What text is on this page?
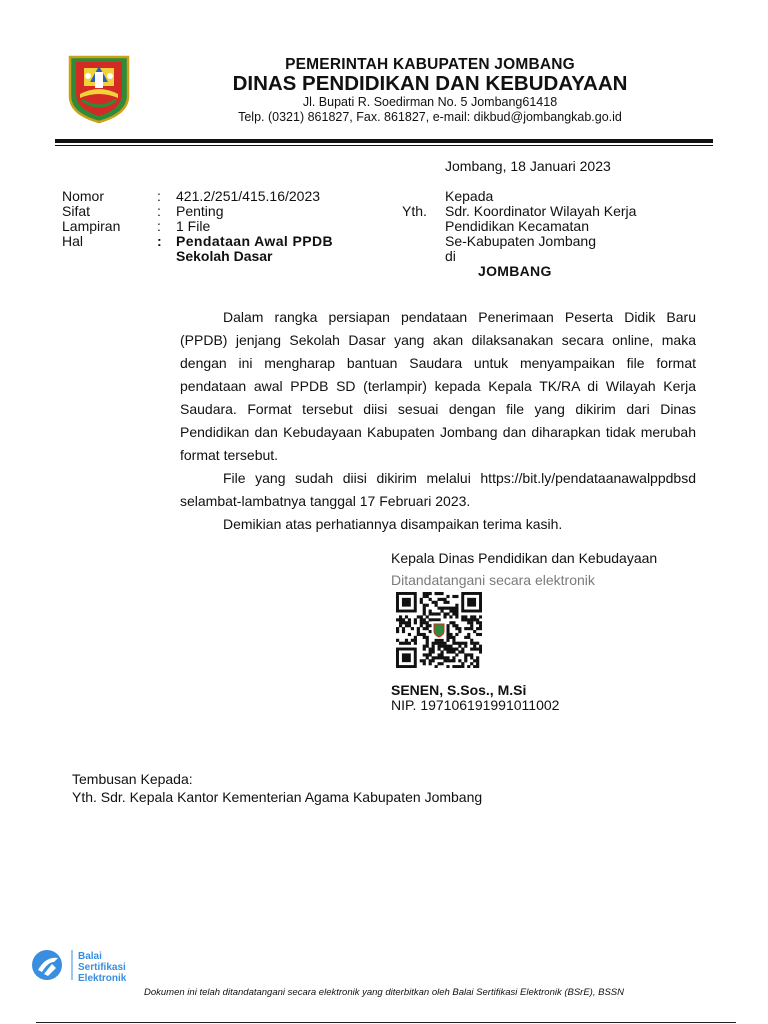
PEMERINTAH KABUPATEN JOMBANG
DINAS PENDIDIKAN DAN KEBUDAYAAN
Jl. Bupati R. Soedirman No. 5 Jombang61418
Telp. (0321) 861827, Fax. 861827, e-mail: dikbud@jombangkab.go.id
Jombang, 18 Januari 2023
Nomor	: 421.2/251/415.16/2023
Sifat	: Penting
Lampiran	: 1 File
Hal	: Pendataan Awal PPDB
Sekolah Dasar
Kepada
Yth. Sdr. Koordinator Wilayah Kerja
Pendidikan Kecamatan
Se-Kabupaten Jombang
di
JOMBANG

Dalam rangka persiapan pendataan Penerimaan Peserta Didik Baru (PPDB) jenjang Sekolah Dasar yang akan dilaksanakan secara online, maka dengan ini mengharap bantuan Saudara untuk menyampaikan file format pendataan awal PPDB SD (terlampir) kepada Kepala TK/RA di Wilayah Kerja Saudara. Format tersebut diisi sesuai dengan file yang dikirim dari Dinas Pendidikan dan Kebudayaan Kabupaten Jombang dan diharapkan tidak merubah format tersebut.

File yang sudah diisi dikirim melalui https://bit.ly/pendataanawalppdbsd selambat-lambatnya tanggal 17 Februari 2023.

Demikian atas perhatiannya disampaikan terima kasih.

Kepala Dinas Pendidikan dan Kebudayaan
Ditandatangani secara elektronik
SENEN, S.Sos., M.Si
NIP. 197106191991011002
Tembusan Kepada:
Yth. Sdr. Kepala Kantor Kementerian Agama Kabupaten Jombang
Balai
Sertifikasi
Elektronik
Dokumen ini telah ditandatangani secara elektronik yang diterbitkan oleh Balai Sertifikasi Elektronik (BSrE), BSSN
